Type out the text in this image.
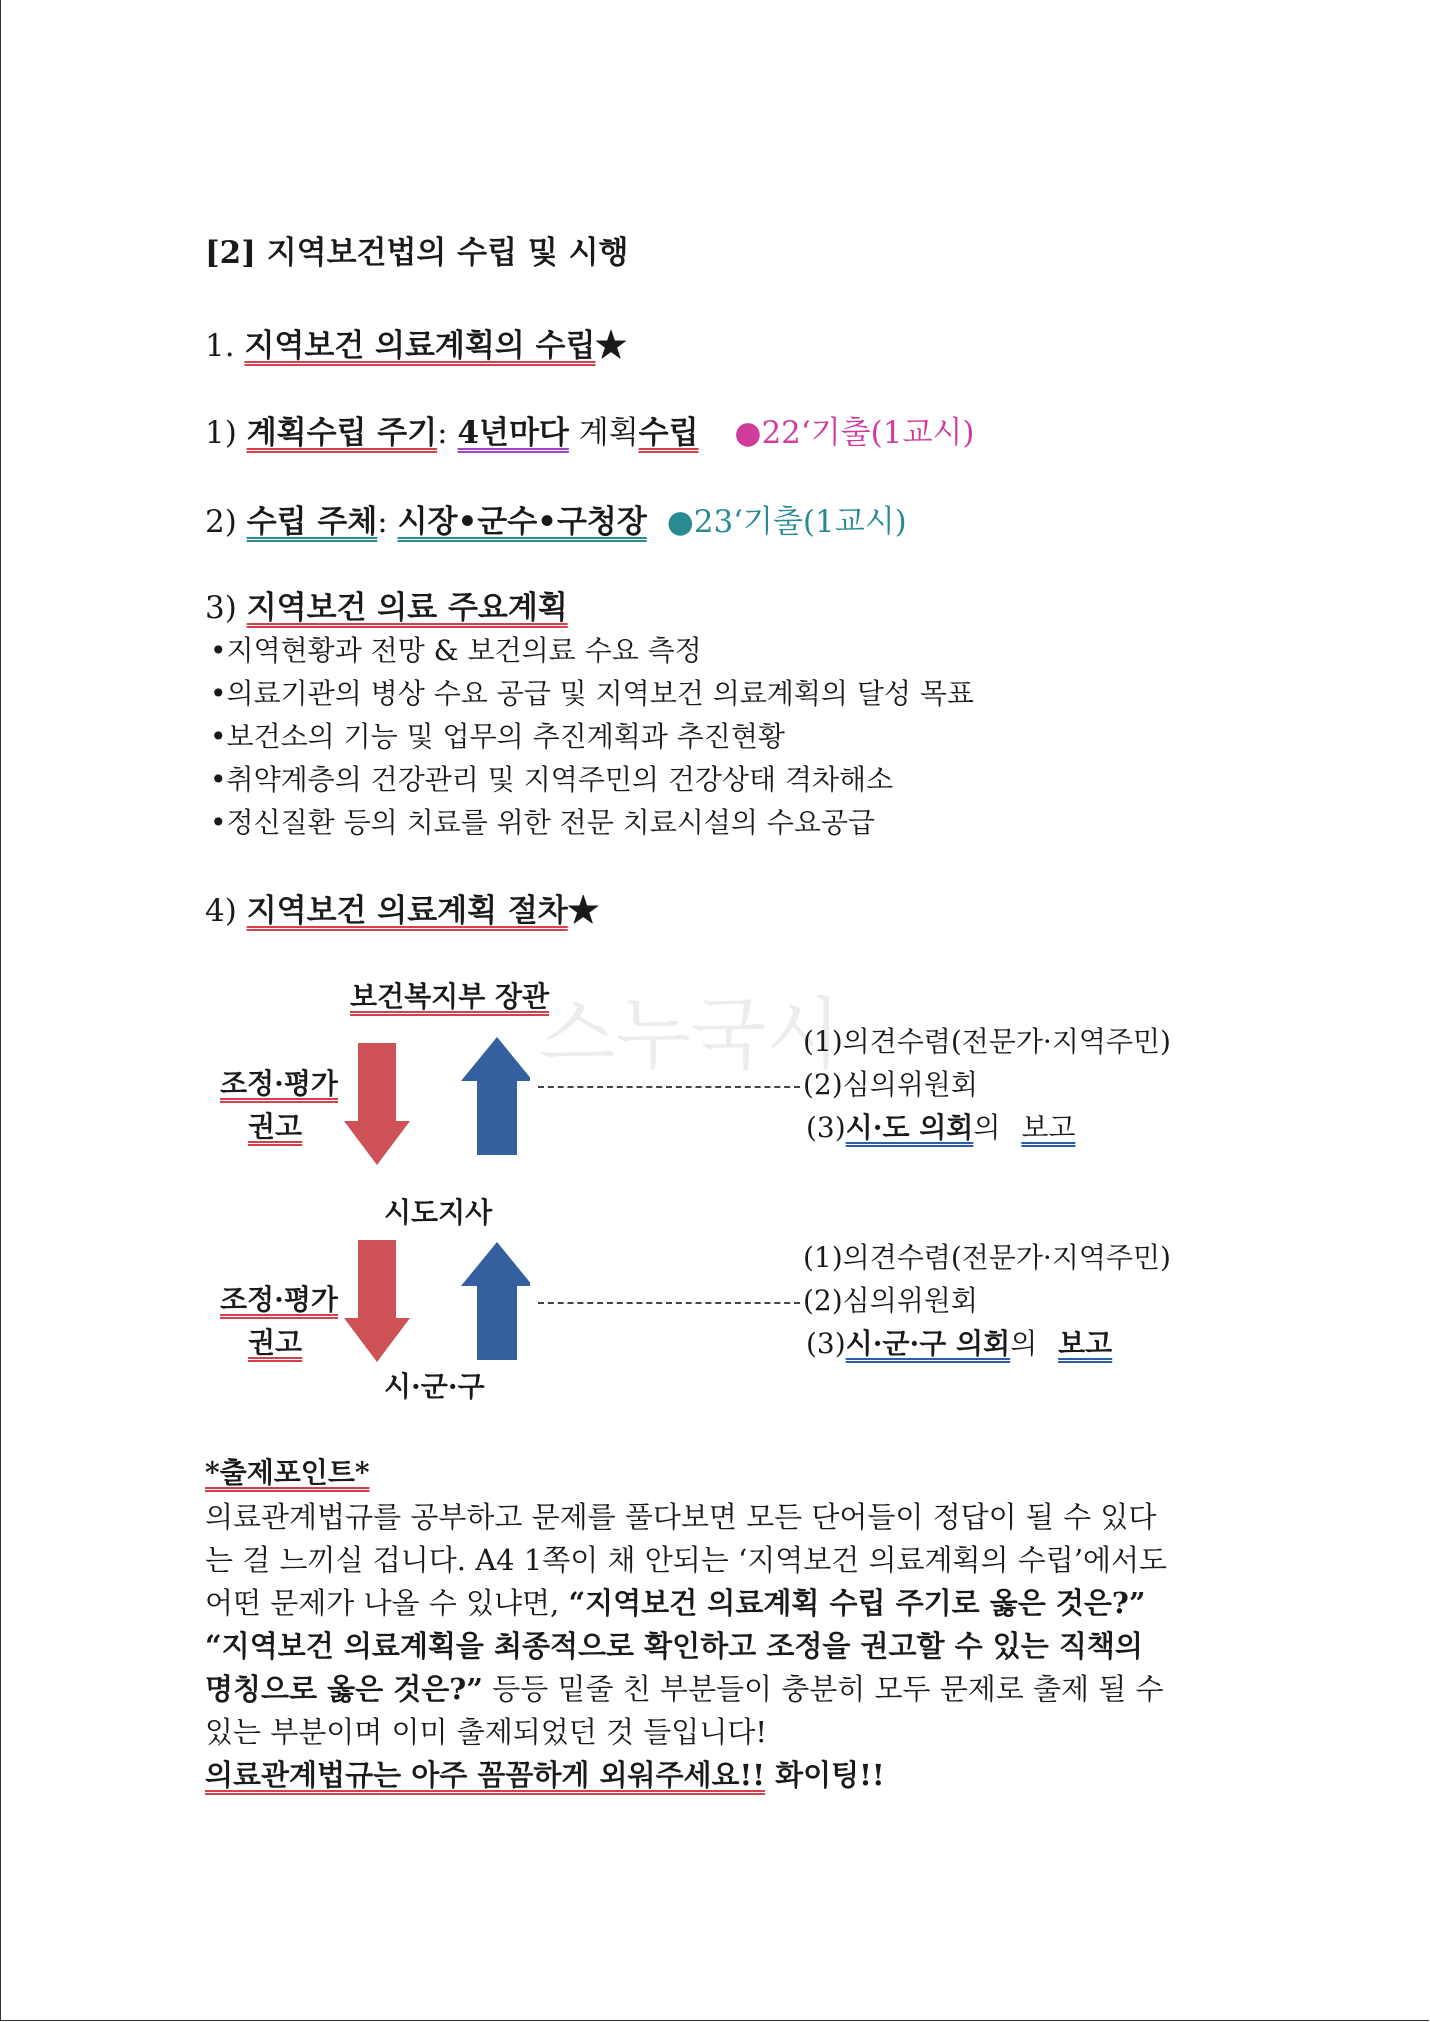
[2] 지역보건법의 수립 및 시행
1. 지역보건 의료계획의 수립★
1) 계획수립 주기: 4년마다 계획수립 ●22‘기출(1교시)
2) 수립 주체: 시장•군수•구청장 ●23‘기출(1교시)
3) 지역보건 의료 주요계획
•지역현황과 전망 & 보건의료 수요 측정
•의료기관의 병상 수요 공급 및 지역보건 의료계획의 달성 목표
•보건소의 기능 및 업무의 추진계획과 추진현황
•취약계층의 건강관리 및 지역주민의 건강상태 격차해소
•정신질환 등의 치료를 위한 전문 치료시설의 수요공급
4) 지역보건 의료계획 절차★
스누국시
보건복지부 장관
조정·평가
권고
(1)의견수렴(전문가·지역주민)
(2)심의위원회
(3)시·도 의회의 보고
시도지사
조정·평가
권고
(1)의견수렴(전문가·지역주민)
(2)심의위원회
(3)시·군·구 의회의 보고
시·군·구
*출제포인트*
의료관계법규를 공부하고 문제를 풀다보면 모든 단어들이 정답이 될 수 있다
는 걸 느끼실 겁니다. A4 1쪽이 채 안되는 ‘지역보건 의료계획의 수립’에서도
어떤 문제가 나올 수 있냐면, “지역보건 의료계획 수립 주기로 옳은 것은?”
“지역보건 의료계획을 최종적으로 확인하고 조정을 권고할 수 있는 직책의
명칭으로 옳은 것은?” 등등 밑줄 친 부분들이 충분히 모두 문제로 출제 될 수
있는 부분이며 이미 출제되었던 것 들입니다!
의료관계법규는 아주 꼼꼼하게 외워주세요!! 화이팅!!
